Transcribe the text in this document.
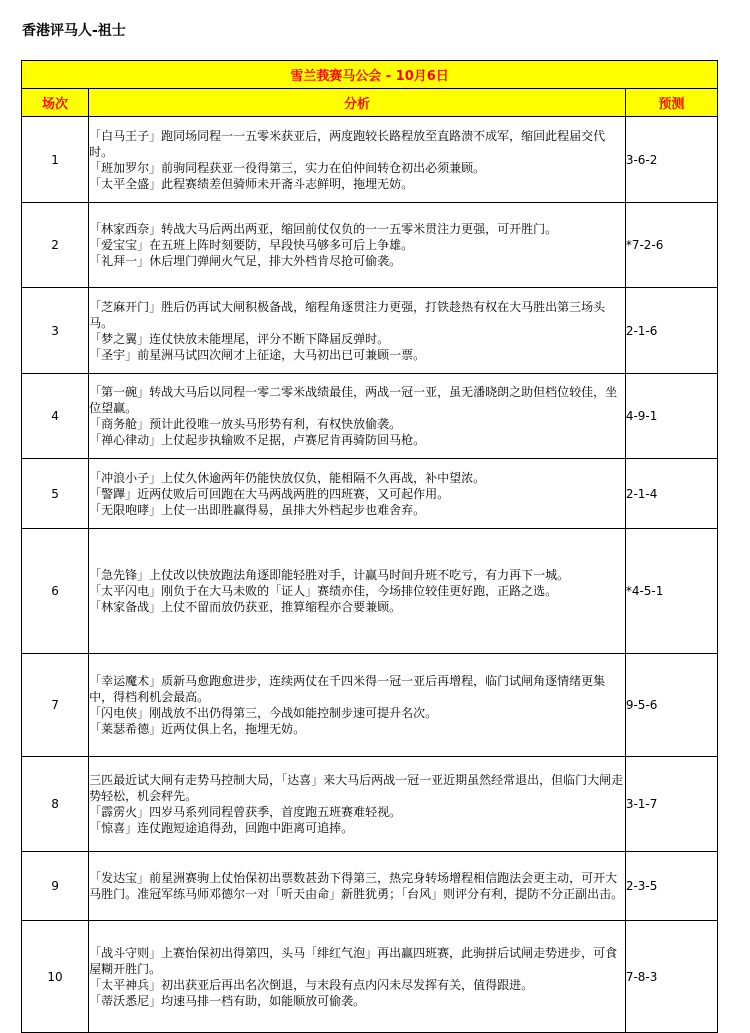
香港评马人-祖士
雪兰莪赛马公会 - 10月6日		
场次	分析	预测
1	「白马王子」跑同场同程一一五零米获亚后，两度跑较长路程放至直路溃不成军，缩回此程届交代时。
「班加罗尔」前驹同程获亚一役得第三，实力在伯仲间转仓初出必须兼顾。
「太平全盛」此程赛绩差但骑师未开斋斗志鲜明，拖埋无妨。	3-6-2
2	「林家西奈」转战大马后两出两亚，缩回前仗仅负的一一五零米贯注力更强，可开胜门。
「爱宝宝」在五班上阵时刻要防，早段快马够多可后上争雄。
「礼拜一」休后埋门弹闸火气足，排大外档肯尽抢可偷袭。	*7-2-6
3	「芝麻开门」胜后仍再试大闸积极备战，缩程角逐贯注力更强，打铁趁热有权在大马胜出第三场头马。
「梦之翼」连仗快放未能埋尾，评分不断下降届反弹时。
「圣宇」前星洲马试四次闸才上征途，大马初出已可兼顾一票。	2-1-6
4	「第一碗」转战大马后以同程一零二零米战绩最佳，两战一冠一亚，虽无潘晓朗之助但档位较佳，坐位望赢。
「商务舱」预计此役唯一放头马形势有利，有权快放偷袭。
「禅心律动」上仗起步执输败不足据，卢赛尼肯再骑防回马枪。	4-9-1
5	「冲浪小子」上仗久休逾两年仍能快放仅负，能相隔不久再战，补中望浓。
「警蹕」近两仗败后可回跑在大马两战两胜的四班赛，又可起作用。
「无限咆哮」上仗一出即胜赢得易，虽排大外档起步也难舍弃。	2-1-4
6	「急先锋」上仗改以快放跑法角逐即能轻胜对手，计赢马时间升班不吃亏，有力再下一城。
「太平闪电」刚负于在大马未败的「证人」赛绩亦佳，今场排位较佳更好跑，正路之选。
「林家备战」上仗不留而放仍获亚，推算缩程亦合要兼顾。	*4-5-1
7	「幸运魔术」质新马愈跑愈进步，连续两仗在千四米得一冠一亚后再增程，临门试闸角逐情绪更集中，得档利机会最高。
「闪电侠」刚战放不出仍得第三，今战如能控制步速可提升名次。
「莱瑟希德」近两仗俱上名，拖埋无妨。	9-5-6
8	三匹最近试大闸有走势马控制大局，「达喜」来大马后两战一冠一亚近期虽然经常退出，但临门大闸走势轻松，机会秤先。
「霹雳火」四岁马系列同程曾获季，首度跑五班赛难轻视。
「惊喜」连仗跑短途追得劲，回跑中距离可追捧。	3-1-7
9	「发达宝」前星洲赛驹上仗怡保初出票数甚劲下得第三，热完身转场增程相信跑法会更主动，可开大马胜门。准冠军练马师邓德尔一对「听天由命」新胜犹勇；「台风」则评分有利，提防不分正副出击。	2-3-5
10	「战斗守则」上赛怡保初出得第四，头马「绯红气泡」再出赢四班赛，此驹拼后试闸走势进步，可食屋糊开胜门。
「太平神兵」初出获亚后再出名次倒退，与末段有点内闪未尽发挥有关，值得跟进。
「蒂沃悉尼」均速马排一档有助，如能顺放可偷袭。	7-8-3
